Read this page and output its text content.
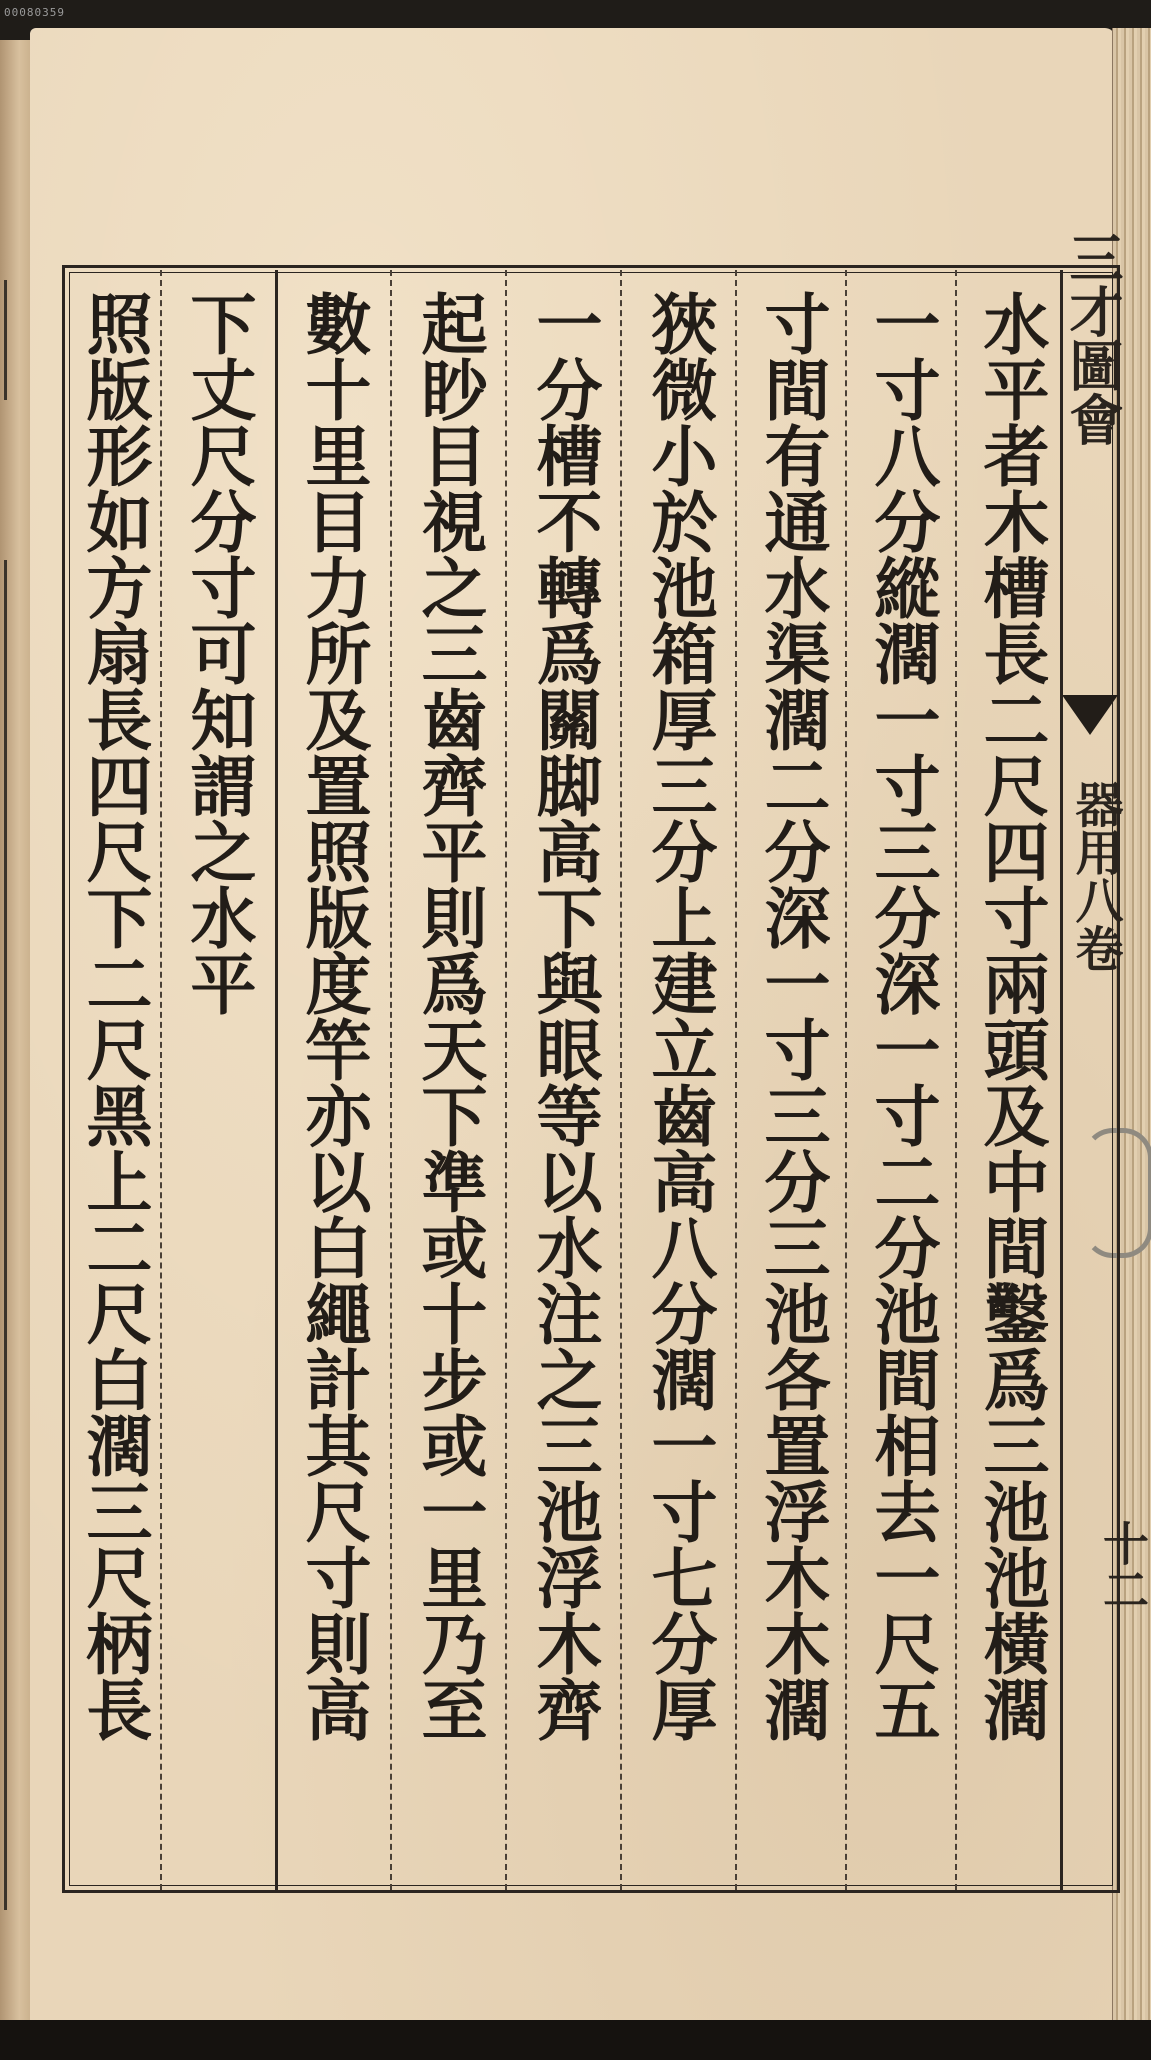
00080359
三才圖會
器用八卷
十二
水平者木槽長二尺四寸兩頭及中間鑿爲三池池橫濶
一寸八分縱濶一寸三分深一寸二分池間相去一尺五
寸間有通水渠濶二分深一寸三分三池各置浮木木濶
狹微小於池箱厚三分上建立齒高八分濶一寸七分厚
一分槽不轉爲關脚高下與眼等以水注之三池浮木齊
起眇目視之三齒齊平則爲天下準或十步或一里乃至
數十里目力所及置照版度竿亦以白繩計其尺寸則高
下丈尺分寸可知謂之水平
照版形如方扇長四尺下二尺黑上二尺白濶三尺柄長
